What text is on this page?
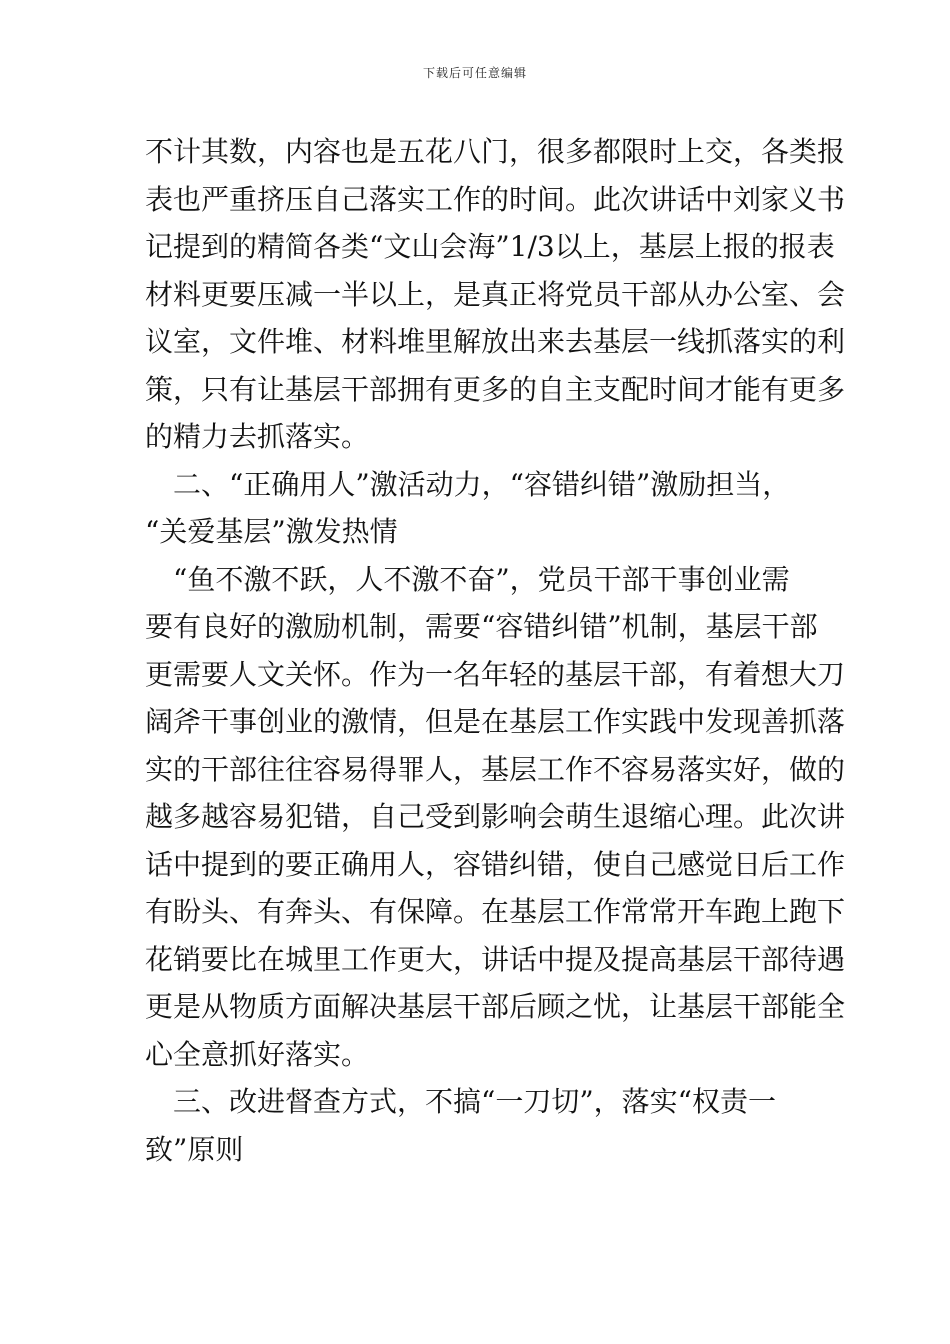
下载后可任意编辑
不计其数，内容也是五花八门，很多都限时上交，各类报
表也严重挤压自己落实工作的时间。此次讲话中刘家义书
记提到的精简各类“文山会海”1/3以上，基层上报的报表
材料更要压减一半以上，是真正将党员干部从办公室、会
议室，文件堆、材料堆里解放出来去基层一线抓落实的利
策，只有让基层干部拥有更多的自主支配时间才能有更多
的精力去抓落实。
二、“正确用人”激活动力，“容错纠错”激励担当，
“关爱基层”激发热情
“鱼不激不跃，人不激不奋”，党员干部干事创业需
要有良好的激励机制，需要“容错纠错”机制，基层干部
更需要人文关怀。作为一名年轻的基层干部，有着想大刀
阔斧干事创业的激情，但是在基层工作实践中发现善抓落
实的干部往往容易得罪人，基层工作不容易落实好，做的
越多越容易犯错，自己受到影响会萌生退缩心理。此次讲
话中提到的要正确用人，容错纠错，使自己感觉日后工作
有盼头、有奔头、有保障。在基层工作常常开车跑上跑下
花销要比在城里工作更大，讲话中提及提高基层干部待遇
更是从物质方面解决基层干部后顾之忧，让基层干部能全
心全意抓好落实。
三、改进督查方式，不搞“一刀切”，落实“权责一
致”原则
